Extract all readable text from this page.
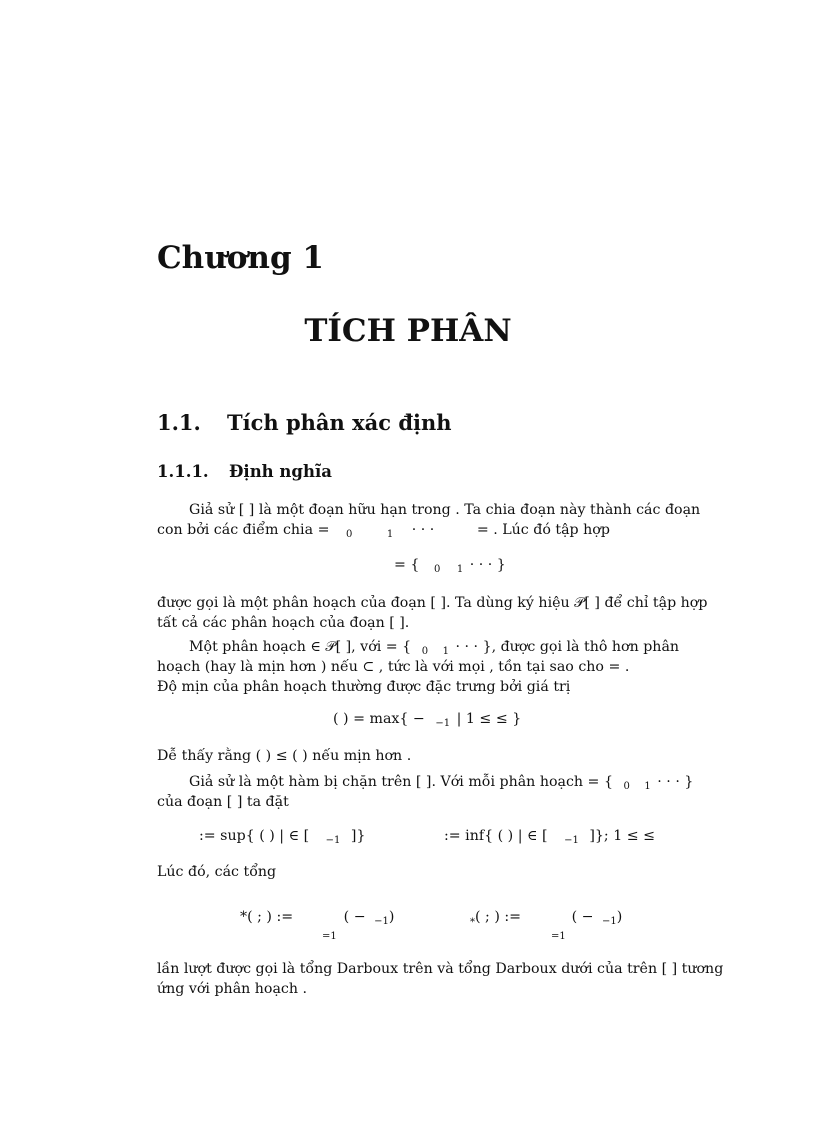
Chương 1
TÍCH PHÂN
1.1. Tích phân xác định
1.1.1. Định nghĩa
Giả sử [ ] là một đoạn hữu hạn trong . Ta chia đoạn này thành các đoạn
con bởi các điểm chia = $_0$	$_1$ · · ·	= . Lúc đó tập hợp
= { $_0$ $_1$ · · · }
được gọi là một phân hoạch của đoạn [ ]. Ta dùng ký hiệu 𝒫[ ] để chỉ tập hợp
tất cả các phân hoạch của đoạn [ ].
Một phân hoạch ∈ 𝒫[ ], với = { $_0$ $_1$ · · · }, được gọi là thô hơn phân
hoạch (hay là mịn hơn ) nếu ⊂ , tức là với mọi , tồn tại sao cho = .
Độ mịn của phân hoạch thường được đặc trưng bởi giá trị
( ) = max{ − $_{-1}$ | 1 ≤ ≤ }
Dễ thấy rằng ( ) ≤ ( ) nếu mịn hơn .
Giả sử là một hàm bị chặn trên [ ]. Với mỗi phân hoạch = { $_0$ $_1$ · · · }
của đoạn [ ] ta đặt
:= sup{ ( ) | ∈ [ $_{-1}$ ]}	:= inf{ ( ) | ∈ [ $_{-1}$ ]}; 1 ≤ ≤
Lúc đó, các tổng
*( ; ) :=	( − $_{-1}$)	$_*$( ; ) :=	( − $_{-1}$)
=1	=1
lần lượt được gọi là tổng Darboux trên và tổng Darboux dưới của trên [ ] tương
ứng với phân hoạch .
